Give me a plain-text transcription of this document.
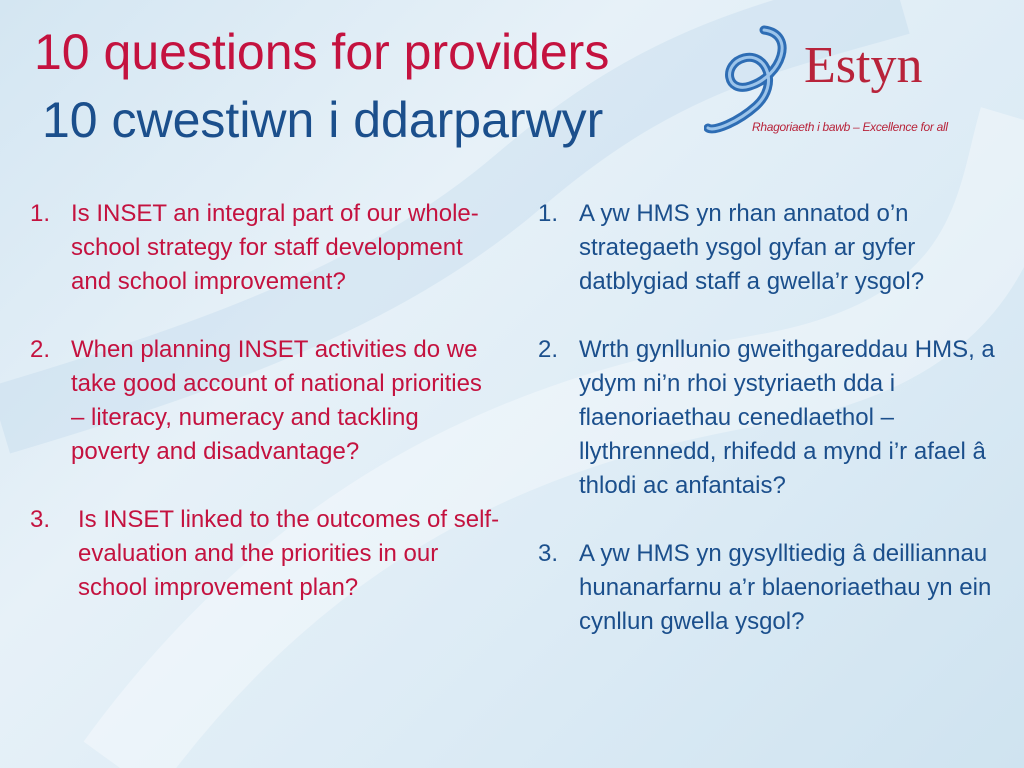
10 questions for providers
10 cwestiwn i ddarparwyr
Estyn
Rhagoriaeth i bawb – Excellence for all
1. Is INSET an integral part of our whole-school strategy for staff development and school improvement?
2. When planning INSET activities do we take good account of national priorities – literacy, numeracy and tackling poverty and disadvantage?
3. Is INSET linked to the outcomes of self-evaluation and the priorities in our school improvement plan?
1. A yw HMS yn rhan annatod o’n strategaeth ysgol gyfan ar gyfer datblygiad staff a gwella’r ysgol?
2. Wrth gynllunio gweithgareddau HMS, a ydym ni’n rhoi ystyriaeth dda i flaenoriaethau cenedlaethol – llythrennedd, rhifedd a mynd i’r afael â thlodi ac anfantais?
3. A yw HMS yn gysylltiedig â deilliannau hunanarfarnu a’r blaenoriaethau yn ein cynllun gwella ysgol?
